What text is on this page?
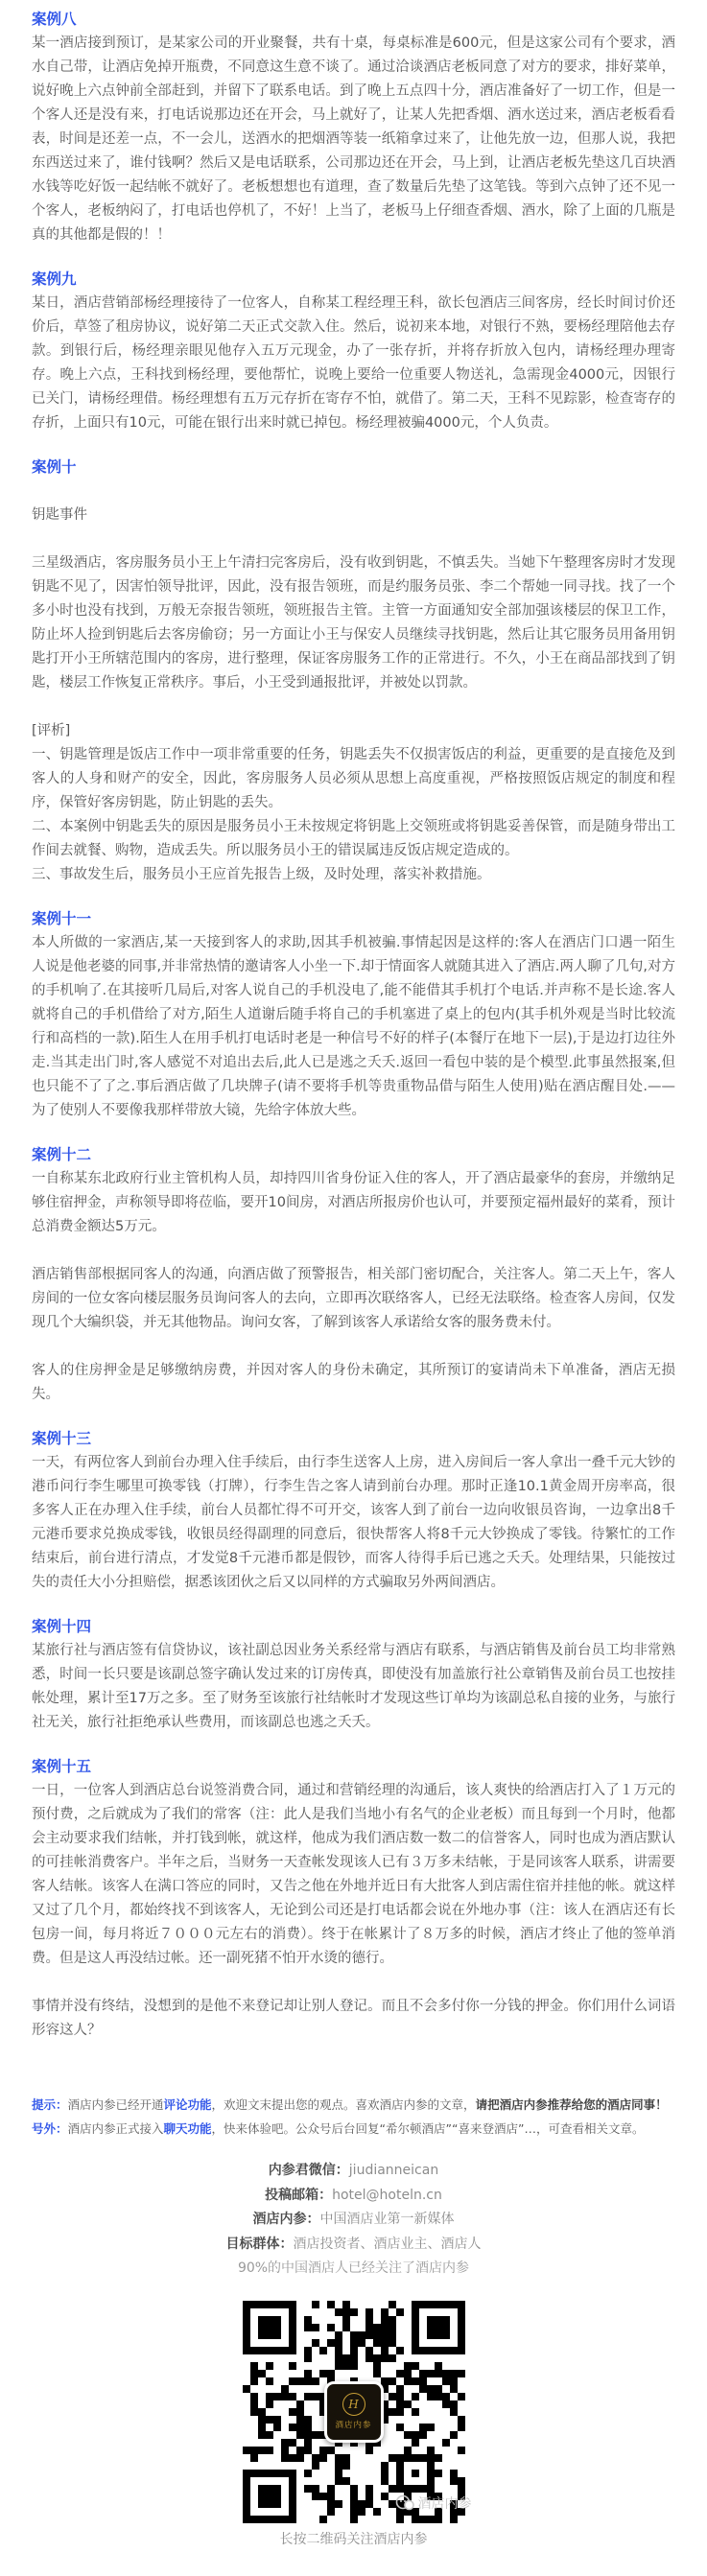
案例八

某一酒店接到预订，是某家公司的开业聚餐，共有十桌，每桌标准是600元，但是这家公司有个要求，酒水自己带，让酒店免掉开瓶费，不同意这生意不谈了。通过洽谈酒店老板同意了对方的要求，排好菜单，说好晚上六点钟前全部赶到，并留下了联系电话。到了晚上五点四十分，酒店准备好了一切工作，但是一个客人还是没有来，打电话说那边还在开会，马上就好了，让某人先把香烟、酒水送过来，酒店老板看看表，时间是还差一点，不一会儿，送酒水的把烟酒等装一纸箱拿过来了，让他先放一边，但那人说，我把东西送过来了，谁付钱啊？然后又是电话联系，公司那边还在开会，马上到，让酒店老板先垫这几百块酒水钱等吃好饭一起结帐不就好了。老板想想也有道理，查了数量后先垫了这笔钱。等到六点钟了还不见一个客人，老板纳闷了，打电话也停机了，不好！上当了，老板马上仔细查香烟、酒水，除了上面的几瓶是真的其他都是假的！！

案例九

某日，酒店营销部杨经理接待了一位客人，自称某工程经理王科，欲长包酒店三间客房，经长时间讨价还价后，草签了租房协议，说好第二天正式交款入住。然后，说初来本地，对银行不熟，要杨经理陪他去存款。到银行后，杨经理亲眼见他存入五万元现金，办了一张存折，并将存折放入包内，请杨经理办理寄存。晚上六点，王科找到杨经理，要他帮忙，说晚上要给一位重要人物送礼，急需现金4000元，因银行已关门，请杨经理借。杨经理想有五万元存折在寄存不怕，就借了。第二天，王科不见踪影，检查寄存的存折，上面只有10元，可能在银行出来时就已掉包。杨经理被骗4000元，个人负责。

案例十

钥匙事件

三星级酒店，客房服务员小王上午清扫完客房后，没有收到钥匙，不慎丢失。当她下午整理客房时才发现钥匙不见了，因害怕领导批评，因此，没有报告领班，而是约服务员张、李二个帮她一同寻找。找了一个多小时也没有找到，万般无奈报告领班，领班报告主管。主管一方面通知安全部加强该楼层的保卫工作，防止坏人捡到钥匙后去客房偷窃；另一方面让小王与保安人员继续寻找钥匙，然后让其它服务员用备用钥匙打开小王所辖范围内的客房，进行整理，保证客房服务工作的正常进行。不久，小王在商品部找到了钥匙，楼层工作恢复正常秩序。事后，小王受到通报批评，并被处以罚款。

[评析]

一、钥匙管理是饭店工作中一项非常重要的任务，钥匙丢失不仅损害饭店的利益，更重要的是直接危及到客人的人身和财产的安全，因此，客房服务人员必须从思想上高度重视，严格按照饭店规定的制度和程序，保管好客房钥匙，防止钥匙的丢失。

二、本案例中钥匙丢失的原因是服务员小王未按规定将钥匙上交领班或将钥匙妥善保管，而是随身带出工作间去就餐、购物，造成丢失。所以服务员小王的错误属违反饭店规定造成的。

三、事故发生后，服务员小王应首先报告上级，及时处理，落实补救措施。

案例十一

本人所做的一家酒店,某一天接到客人的求助,因其手机被骗.事情起因是这样的:客人在酒店门口遇一陌生人说是他老婆的同事,并非常热情的邀请客人小坐一下.却于情面客人就随其进入了酒店.两人聊了几句,对方的手机响了.在其接听几局后,对客人说自己的手机没电了,能不能借其手机打个电话.并声称不是长途.客人就将自己的手机借给了对方,陌生人道谢后随手将自己的手机塞进了桌上的包内(其手机外观是当时比较流行和高档的一款).陌生人在用手机打电话时老是一种信号不好的样子(本餐厅在地下一层),于是边打边往外走.当其走出门时,客人感觉不对追出去后,此人已是逃之夭夭.返回一看包中装的是个模型.此事虽然报案,但也只能不了了之.事后酒店做了几块牌子(请不要将手机等贵重物品借与陌生人使用)贴在酒店醒目处.——为了使别人不要像我那样带放大镜，先给字体放大些。

案例十二

一自称某东北政府行业主管机构人员，却持四川省身份证入住的客人，开了酒店最豪华的套房，并缴纳足够住宿押金，声称领导即将莅临，要开10间房，对酒店所报房价也认可，并要预定福州最好的菜肴，预计总消费金额达5万元。

酒店销售部根据同客人的沟通，向酒店做了预警报告，相关部门密切配合，关注客人。第二天上午，客人房间的一位女客向楼层服务员询问客人的去向，立即再次联络客人，已经无法联络。检查客人房间，仅发现几个大编织袋，并无其他物品。询问女客，了解到该客人承诺给女客的服务费未付。

客人的住房押金是足够缴纳房费，并因对客人的身份未确定，其所预订的宴请尚未下单准备，酒店无损失。

案例十三

一天，有两位客人到前台办理入住手续后，由行李生送客人上房，进入房间后一客人拿出一叠千元大钞的港币问行李生哪里可换零钱（打牌），行李生告之客人请到前台办理。那时正逢10.1黄金周开房率高，很多客人正在办理入住手续，前台人员都忙得不可开交，该客人到了前台一边向收银员咨询，一边拿出8千元港币要求兑换成零钱，收银员经得副理的同意后，很快帮客人将8千元大钞换成了零钱。待繁忙的工作结束后，前台进行清点，才发觉8千元港币都是假钞，而客人待得手后已逃之夭夭。处理结果，只能按过失的责任大小分担赔偿，据悉该团伙之后又以同样的方式骗取另外两间酒店。

案例十四

某旅行社与酒店签有信贷协议，该社副总因业务关系经常与酒店有联系，与酒店销售及前台员工均非常熟悉，时间一长只要是该副总签字确认发过来的订房传真，即使没有加盖旅行社公章销售及前台员工也按挂帐处理，累计至17万之多。至了财务至该旅行社结帐时才发现这些订单均为该副总私自接的业务，与旅行社无关，旅行社拒绝承认些费用，而该副总也逃之夭夭。

案例十五

一日，一位客人到酒店总台说签消费合同，通过和营销经理的沟通后，该人爽快的给酒店打入了１万元的预付费，之后就成为了我们的常客（注：此人是我们当地小有名气的企业老板）而且每到一个月时，他都会主动要求我们结帐，并打钱到帐，就这样，他成为我们酒店数一数二的信誉客人，同时也成为酒店默认的可挂帐消费客户。半年之后，当财务一天查帐发现该人已有３万多未结帐，于是同该客人联系，讲需要客人结帐。该客人在满口答应的同时，又告之他在外地并近日有大批客人到店需住宿并挂他的帐。就这样又过了几个月，都始终找不到该客人，无论到公司还是打电话都会说在外地办事（注：该人在酒店还有长包房一间，每月将近７０００元左右的消费）。终于在帐累计了８万多的时候，酒店才终止了他的签单消费。但是这人再没结过帐。还一副死猪不怕开水烫的德行。

事情并没有终结，没想到的是他不来登记却让别人登记。而且不会多付你一分钱的押金。你们用什么词语形容这人？

提示：酒店内参已经开通评论功能，欢迎文末提出您的观点。喜欢酒店内参的文章，请把酒店内参推荐给您的酒店同事！

号外：酒店内参正式接入聊天功能，快来体验吧。公众号后台回复“希尔顿酒店”“喜来登酒店”…，可查看相关文章。

内参君微信：jiudianneican

投稿邮箱：hotel@hoteln.cn

酒店内参：中国酒店业第一新媒体

目标群体：酒店投资者、酒店业主、酒店人

90%的中国酒店人已经关注了酒店内参

H
酒店内参
酒店内参

长按二维码关注酒店内参
